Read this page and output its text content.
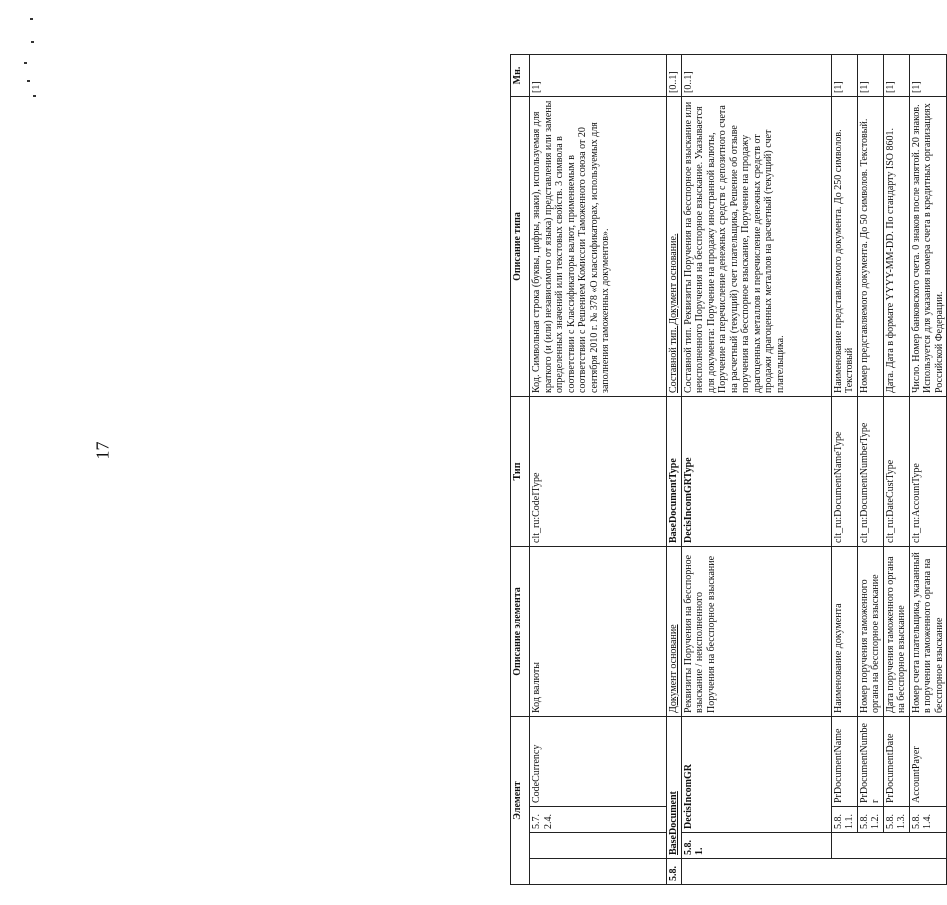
17
Элемент				Описание элемента	Тип	Описание типа	Мн.
		5.7.2.4.	CodeCurrency	Код валюты	clt_ru:CodeIType	Код. Символьная строка (буквы, цифры, знаки), используемая для краткого (и (или) независимого от языка) представления или замены определенных значений или текстовых свойств. 3 символа в соответствии с Классификаторы валют, применяемым в соответствии с Решением Комиссии Таможенного союза от 20 сентября 2010 г. № 378 «О классификаторах, используемых для заполнения таможенных документов».	[1]
5.8.	BaseDocument			Документ основание	BaseDocumentType	Составной тип. Документ основание.	[0..1]
	5.8.1.	DecisIncomGR		Реквизиты Поручения на бесспорное взыскание / неисполненного Поручения на бесспорное взыскание	DecisIncomGRType	Составной тип. Реквизиты Поручения на бесспорное взыскание или неисполненного Поручения на бесспорное взыскание. Указывается для документа: Поручение на продажу иностранной валюты, Поручение на перечисление денежных средств с депозитного счета на расчетный (текущий) счет плательщика, Решение об отзыве поручения на бесспорное взыскание, Поручение на продажу драгоценных металлов и перечисление денежных средств от продажи драгоценных металлов на расчетный (текущий) счет плательщика.	[0..1]
		5.8.1.1.	PrDocumentName	Наименование документа	clt_ru:DocumentNameType	Наименование представляемого документа. До 250 символов. Текстовый	[1]
		5.8.1.2.	PrDocumentNumber	Номер поручения таможенного органа на бесспорное взыскание	clt_ru:DocumentNumberType	Номер представляемого документа. До 50 символов. Текстовый.	[1]
		5.8.1.3.	PrDocumentDate	Дата поручения таможенного органа на бесспорное взыскание	clt_ru:DateCustType	Дата. Дата в формате YYYY-MM-DD. По стандарту ISO 8601.	[1]
		5.8.1.4.	AccountPayer	Номер счета плательщика, указанный в поручении таможенного органа на бесспорное взыскание	clt_ru:AccountType	Число. Номер банковского счета. 0 знаков после запятой. 20 знаков. Используется для указания номера счета в кредитных организациях Российской Федерации.	[1]
